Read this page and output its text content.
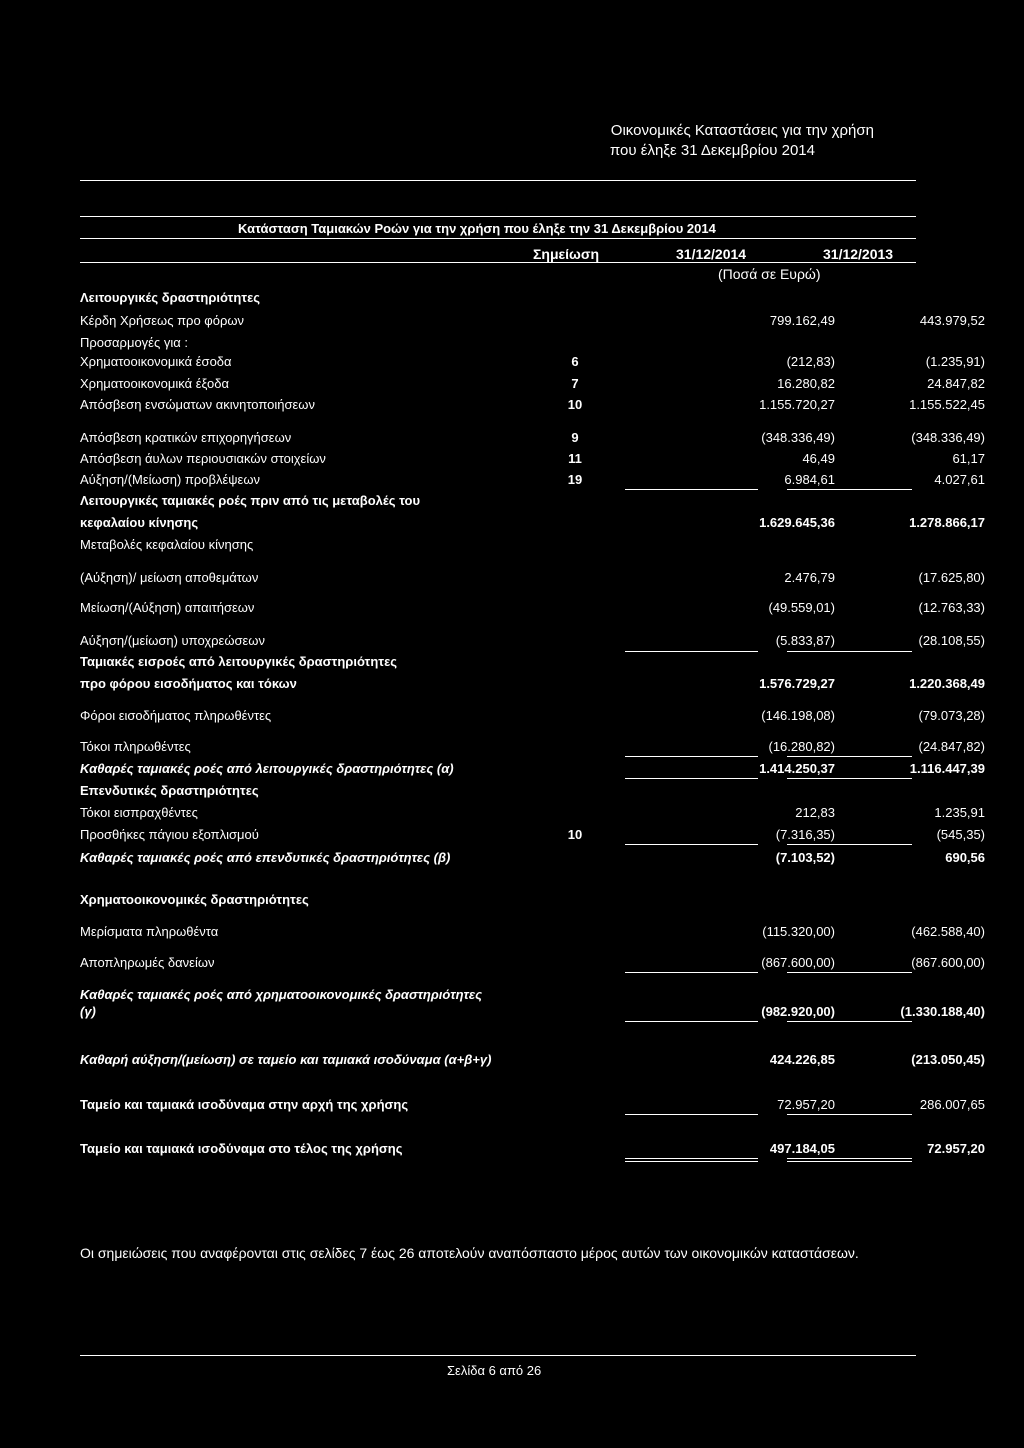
Οικονομικές Καταστάσεις για την χρήση
που έληξε 31 Δεκεμβρίου 2014
Κατάσταση Ταμιακών Ροών για την χρήση που έληξε την 31 Δεκεμβρίου 2014
Σημείωση	31/12/2014	31/12/2013
(Ποσά σε Ευρώ)
Λειτουργικές δραστηριότητες
Κέρδη Χρήσεως προ φόρων	799.162,49	443.979,52
Προσαρμογές για :
Χρηματοοικονομικά έσοδα	6	(212,83)	(1.235,91)
Χρηματοοικονομικά έξοδα	7	16.280,82	24.847,82
Απόσβεση ενσώματων ακινητοποιήσεων	10	1.155.720,27	1.155.522,45
Απόσβεση κρατικών επιχορηγήσεων	9	(348.336,49)	(348.336,49)
Απόσβεση άυλων περιουσιακών στοιχείων	11	46,49	61,17
Αύξηση/(Μείωση) προβλέψεων	19	6.984,61	4.027,61
Λειτουργικές ταμιακές ροές πριν από τις μεταβολές του
κεφαλαίου κίνησης	1.629.645,36	1.278.866,17
Μεταβολές κεφαλαίου κίνησης
(Αύξηση)/ μείωση αποθεμάτων	2.476,79	(17.625,80)
Μείωση/(Αύξηση) απαιτήσεων	(49.559,01)	(12.763,33)
Αύξηση/(μείωση) υποχρεώσεων	(5.833,87)	(28.108,55)
Ταμιακές εισροές από λειτουργικές δραστηριότητες
προ φόρου εισοδήματος και τόκων	1.576.729,27	1.220.368,49
Φόροι εισοδήματος πληρωθέντες	(146.198,08)	(79.073,28)
Τόκοι πληρωθέντες	(16.280,82)	(24.847,82)
Καθαρές ταμιακές ροές από λειτουργικές δραστηριότητες (α)	1.414.250,37	1.116.447,39
Επενδυτικές δραστηριότητες
Τόκοι εισπραχθέντες	212,83	1.235,91
Προσθήκες πάγιου εξοπλισμού	10	(7.316,35)	(545,35)
Καθαρές ταμιακές ροές από επενδυτικές δραστηριότητες (β)	(7.103,52)	690,56
Χρηματοοικονομικές δραστηριότητες
Μερίσματα πληρωθέντα	(115.320,00)	(462.588,40)
Αποπληρωμές δανείων	(867.600,00)	(867.600,00)
Καθαρές ταμιακές ροές από χρηματοοικονομικές δραστηριότητες
(γ)	(982.920,00)	(1.330.188,40)
Καθαρή αύξηση/(μείωση) σε ταμείο και ταμιακά ισοδύναμα (α+β+γ)	424.226,85	(213.050,45)
Ταμείο και ταμιακά ισοδύναμα στην αρχή της χρήσης	72.957,20	286.007,65
Ταμείο και ταμιακά ισοδύναμα στο τέλος της χρήσης	497.184,05	72.957,20
Οι σημειώσεις που αναφέρονται στις σελίδες 7 έως 26 αποτελούν αναπόσπαστο μέρος αυτών των οικονομικών καταστάσεων.
Σελίδα 6 από 26
